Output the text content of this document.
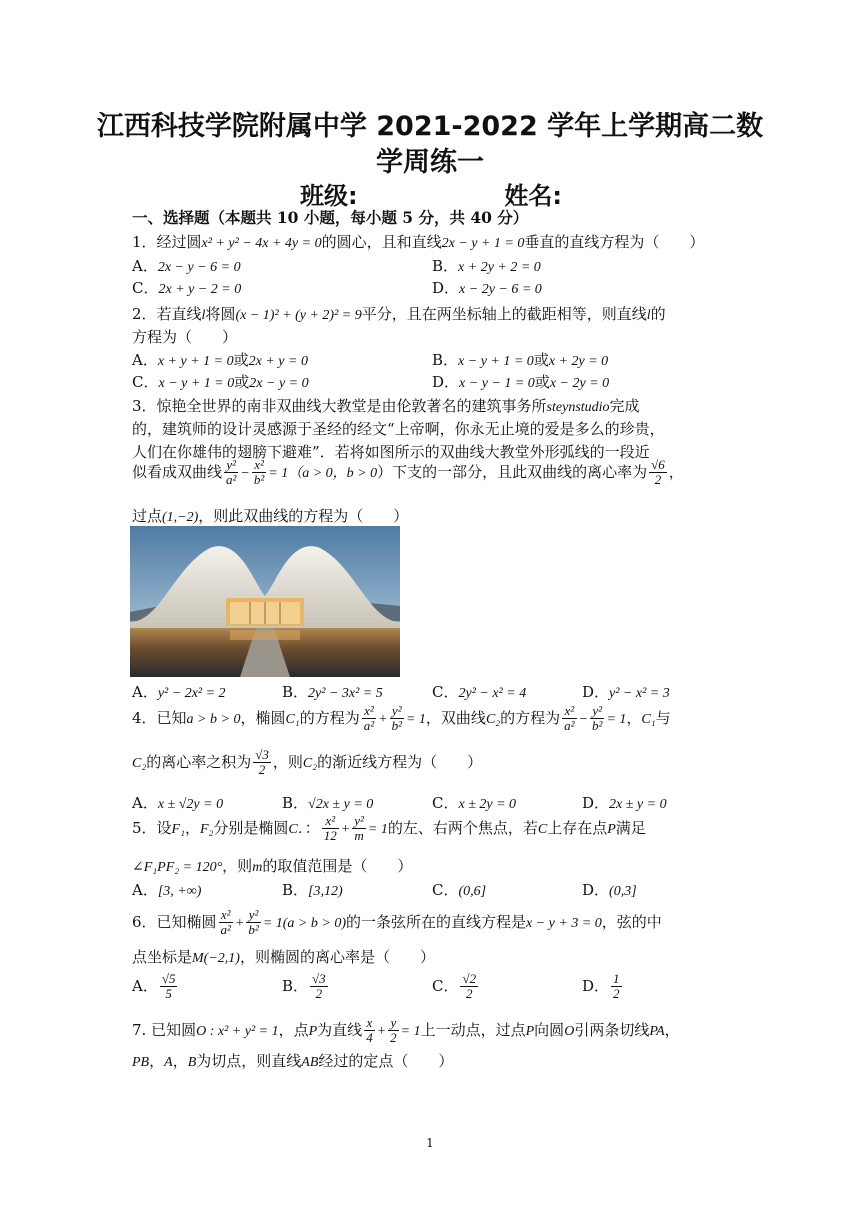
江西科技学院附属中学 2021-2022 学年上学期高二数
学周练一
班级:	姓名:
一、选择题（本题共 10 小题，每小题 5 分，共 40 分）
1．经过圆x² + y² − 4x + 4y = 0的圆心，且和直线2x − y + 1 = 0垂直的直线方程为（　　）
A．2x − y − 6 = 0	B．x + 2y + 2 = 0
C．2x + y − 2 = 0	D．x − 2y − 6 = 0
2．若直线l将圆(x − 1)² + (y + 2)² = 9平分，且在两坐标轴上的截距相等，则直线l的
方程为（　　）
A．x + y + 1 = 0或2x + y = 0	B．x − y + 1 = 0或x + 2y = 0
C．x − y + 1 = 0或2x − y = 0	D．x − y − 1 = 0或x − 2y = 0
3．惊艳全世界的南非双曲线大教堂是由伦敦著名的建筑事务所steynstudio完成
的，建筑师的设计灵感源于圣经的经文“上帝啊，你永无止境的爱是多么的珍贵，
人们在你雄伟的翅膀下避难”．若将如图所示的双曲线大教堂外形弧线的一段近
似看成双曲线 $\frac{\text{y²}}{\text{a²}} - \frac{\text{x²}}{\text{b²}} = 1(a > 0$，b > 0）下支的一部分，且此双曲线的离心率为 $\frac{√6}{2}$ ，
过点(1,−2)，则此双曲线的方程为（　　）
A．y² − 2x² = 2	B．2y² − 3x² = 5	C．2y² − x² = 4	D．y² − x² = 3
4．已知a > b > 0，椭圆C₁的方程为 $\frac{\text{x²}}{\text{a²}} + \frac{\text{y²}}{\text{b²}} = 1$，双曲线C₂的方程为 $\frac{\text{x²}}{\text{a²}} - \frac{\text{y²}}{\text{b²}} = 1$，C₁与
C₂的离心率之积为 $\frac{√3}{2}$ ，则C₂的渐近线方程为（　　）
A．x ± √2y = 0	B．√2x ± y = 0	C．x ± 2y = 0	D．2x ± y = 0
5．设F₁，F₂分别是椭圆C．： $\frac{\text{x²}}{12} + \frac{\text{y²}}{m} = 1$的左、右两个焦点，若C上存在点P满足
∠F₁PF₂ = 120°，则m的取值范围是（　　）
A．[3, +∞)	B．[3,12)	C．(0,6]	D．(0,3]
6．已知椭圆 $\frac{\text{x²}}{\text{a²}} + \frac{\text{y²}}{\text{b²}} = 1(a > b > 0)$的一条弦所在的直线方程是x − y + 3 = 0，弦的中
点坐标是M(−2,1)，则椭圆的离心率是（　　）
A． $\frac{√5}{5}$	B． $\frac{√3}{2}$	C． $\frac{√2}{2}$	D． $\frac{1}{2}$
7. 已知圆O : x² + y² = 1，点P为直线 $\frac{x}{4} + \frac{y}{2} = 1$上一动点，过点P向圆O引两条切线PA，
PB，A，B为切点，则直线AB经过的定点（　　）
1
